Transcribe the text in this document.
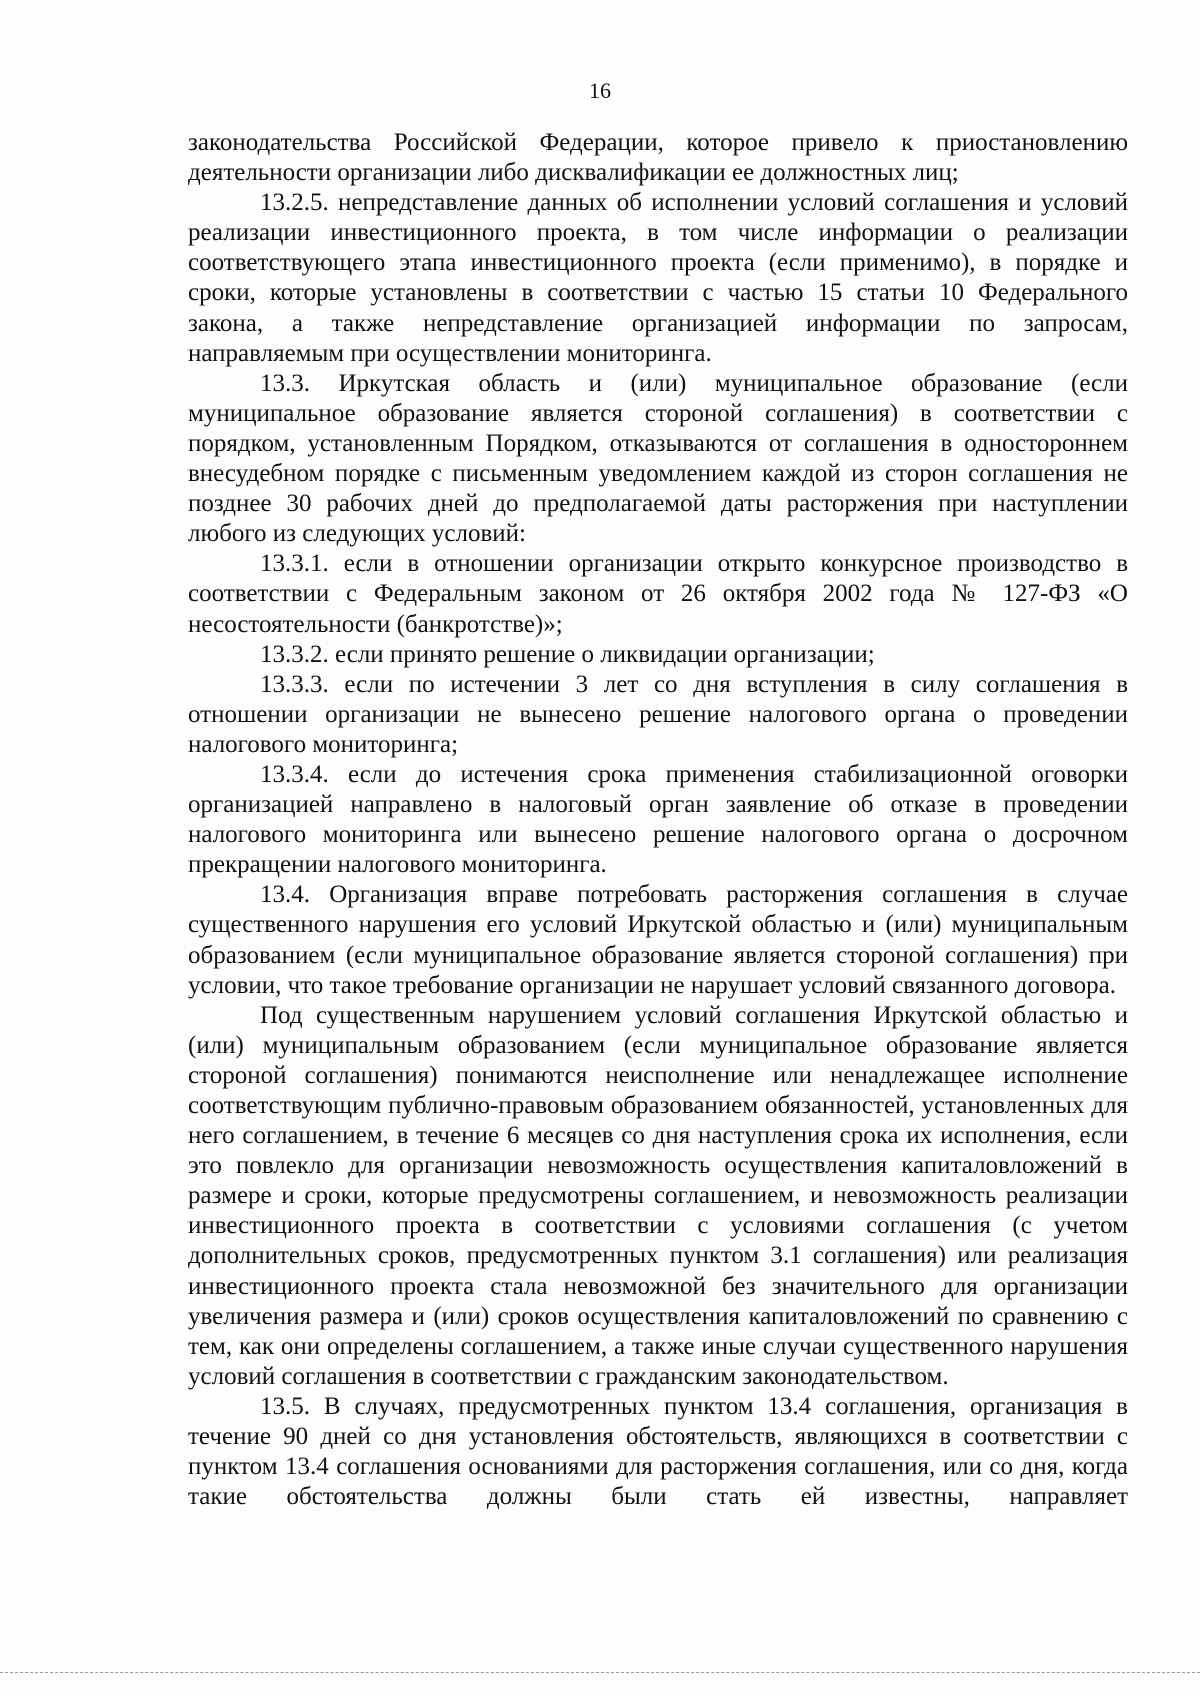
16

законодательства Российской Федерации, которое привело к приостановлению деятельности организации либо дисквалификации ее должностных лиц;

13.2.5. непредставление данных об исполнении условий соглашения и условий реализации инвестиционного проекта, в том числе информации о реализации соответствующего этапа инвестиционного проекта (если применимо), в порядке и сроки, которые установлены в соответствии с частью 15 статьи 10 Федерального закона, а также непредставление организацией информации по запросам, направляемым при осуществлении мониторинга.

13.3. Иркутская область и (или) муниципальное образование (если муниципальное образование является стороной соглашения) в соответствии с порядком, установленным Порядком, отказываются от соглашения в одностороннем внесудебном порядке с письменным уведомлением каждой из сторон соглашения не позднее 30 рабочих дней до предполагаемой даты расторжения при наступлении любого из следующих условий:

13.3.1. если в отношении организации открыто конкурсное производство в соответствии с Федеральным законом от 26 октября 2002 года № 127-ФЗ «О несостоятельности (банкротстве)»;

13.3.2. если принято решение о ликвидации организации;

13.3.3. если по истечении 3 лет со дня вступления в силу соглашения в отношении организации не вынесено решение налогового органа о проведении налогового мониторинга;

13.3.4. если до истечения срока применения стабилизационной оговорки организацией направлено в налоговый орган заявление об отказе в проведении налогового мониторинга или вынесено решение налогового органа о досрочном прекращении налогового мониторинга.

13.4. Организация вправе потребовать расторжения соглашения в случае существенного нарушения его условий Иркутской областью и (или) муниципальным образованием (если муниципальное образование является стороной соглашения) при условии, что такое требование организации не нарушает условий связанного договора.

Под существенным нарушением условий соглашения Иркутской областью и (или) муниципальным образованием (если муниципальное образование является стороной соглашения) понимаются неисполнение или ненадлежащее исполнение соответствующим публично-правовым образованием обязанностей, установленных для него соглашением, в течение 6 месяцев со дня наступления срока их исполнения, если это повлекло для организации невозможность осуществления капиталовложений в размере и сроки, которые предусмотрены соглашением, и невозможность реализации инвестиционного проекта в соответствии с условиями соглашения (с учетом дополнительных сроков, предусмотренных пунктом 3.1 соглашения) или реализация инвестиционного проекта стала невозможной без значительного для организации увеличения размера и (или) сроков осуществления капиталовложений по сравнению с тем, как они определены соглашением, а также иные случаи существенного нарушения условий соглашения в соответствии с гражданским законодательством.

13.5. В случаях, предусмотренных пунктом 13.4 соглашения, организация в течение 90 дней со дня установления обстоятельств, являющихся в соответствии с пунктом 13.4 соглашения основаниями для расторжения соглашения, или со дня, когда такие обстоятельства должны были стать ей известны, направляет
